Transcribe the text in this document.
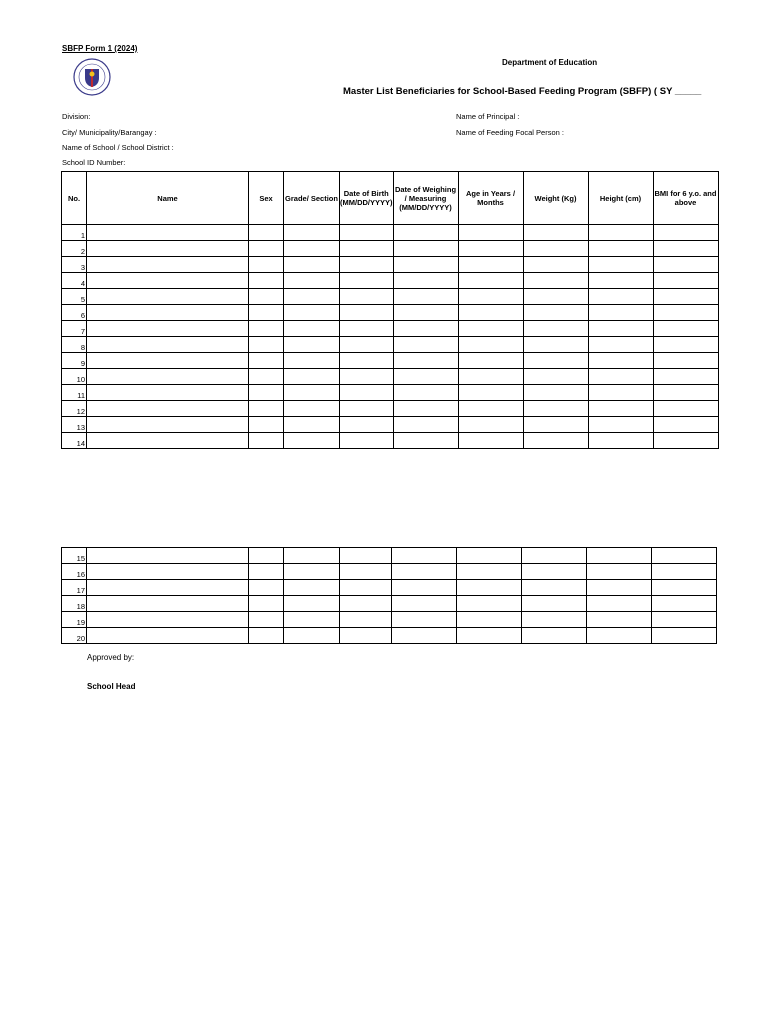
SBFP Form 1 (2024)
Department of Education
Master List Beneficiaries for School-Based Feeding Program (SBFP) ( SY _____
Division:
City/ Municipality/Barangay :
Name of School / School District :
School ID Number:
Name of Principal :
Name of Feeding Focal Person :
No.	Name	Sex	Grade/ Section	Date of Birth (MM/DD/YYYY)	Date of Weighing / Measuring (MM/DD/YYYY)	Age in Years / Months	Weight (Kg)	Height (cm)	BMI for 6 y.o. and above
1									
2									
3									
4									
5									
6									
7									
8									
9									
10									
11									
12									
13									
14									
15									
16									
17									
18									
19									
20									
Approved by:
School Head
